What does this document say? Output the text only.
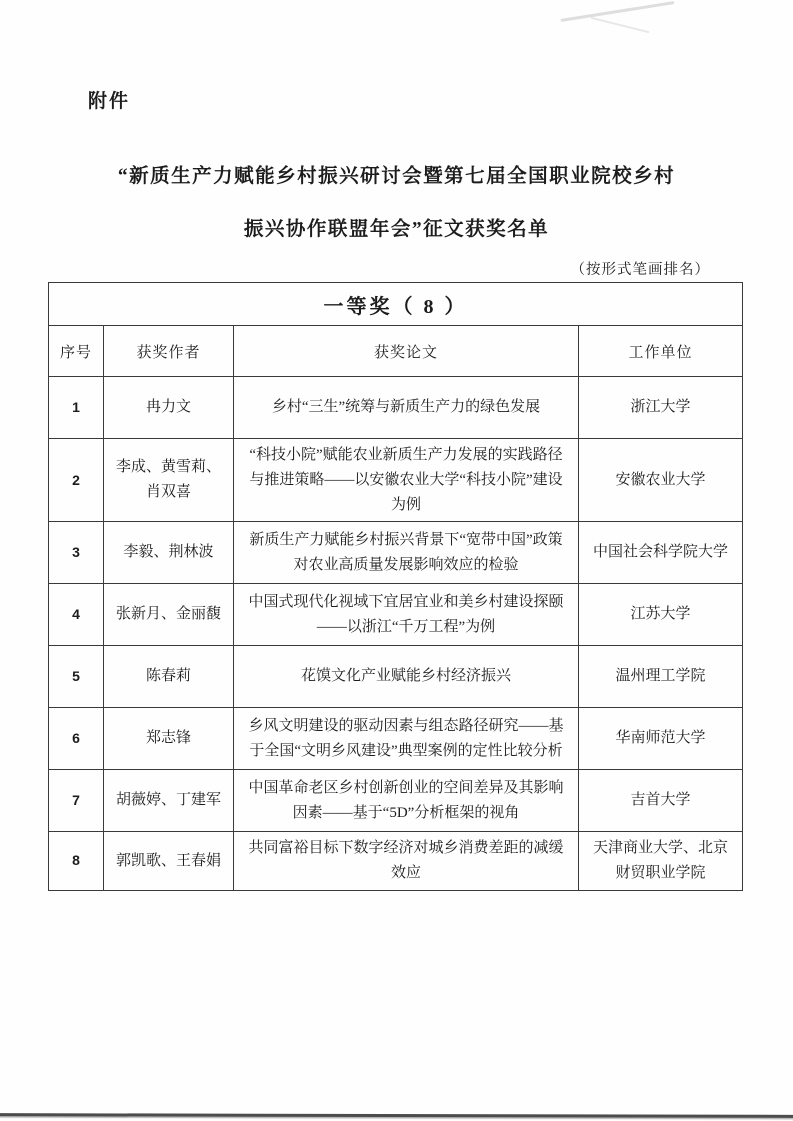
附件
“新质生产力赋能乡村振兴研讨会暨第七届全国职业院校乡村
振兴协作联盟年会”征文获奖名单
（按形式笔画排名）
一等奖（ 8 ）			
序号	获奖作者	获奖论文	工作单位
1	冉力文	乡村“三生”统筹与新质生产力的绿色发展	浙江大学
2	李成、黄雪莉、肖双喜	“科技小院”赋能农业新质生产力发展的实践路径与推进策略——以安徽农业大学“科技小院”建设为例	安徽农业大学
3	李毅、荆林波	新质生产力赋能乡村振兴背景下“宽带中国”政策对农业高质量发展影响效应的检验	中国社会科学院大学
4	张新月、金丽馥	中国式现代化视域下宜居宜业和美乡村建设探颐——以浙江“千万工程”为例	江苏大学
5	陈春莉	花馍文化产业赋能乡村经济振兴	温州理工学院
6	郑志锋	乡风文明建设的驱动因素与组态路径研究——基于全国“文明乡风建设”典型案例的定性比较分析	华南师范大学
7	胡薇婷、丁建军	中国革命老区乡村创新创业的空间差异及其影响因素——基于“5D”分析框架的视角	吉首大学
8	郭凯歌、王春娟	共同富裕目标下数字经济对城乡消费差距的减缓效应	天津商业大学、北京财贸职业学院
